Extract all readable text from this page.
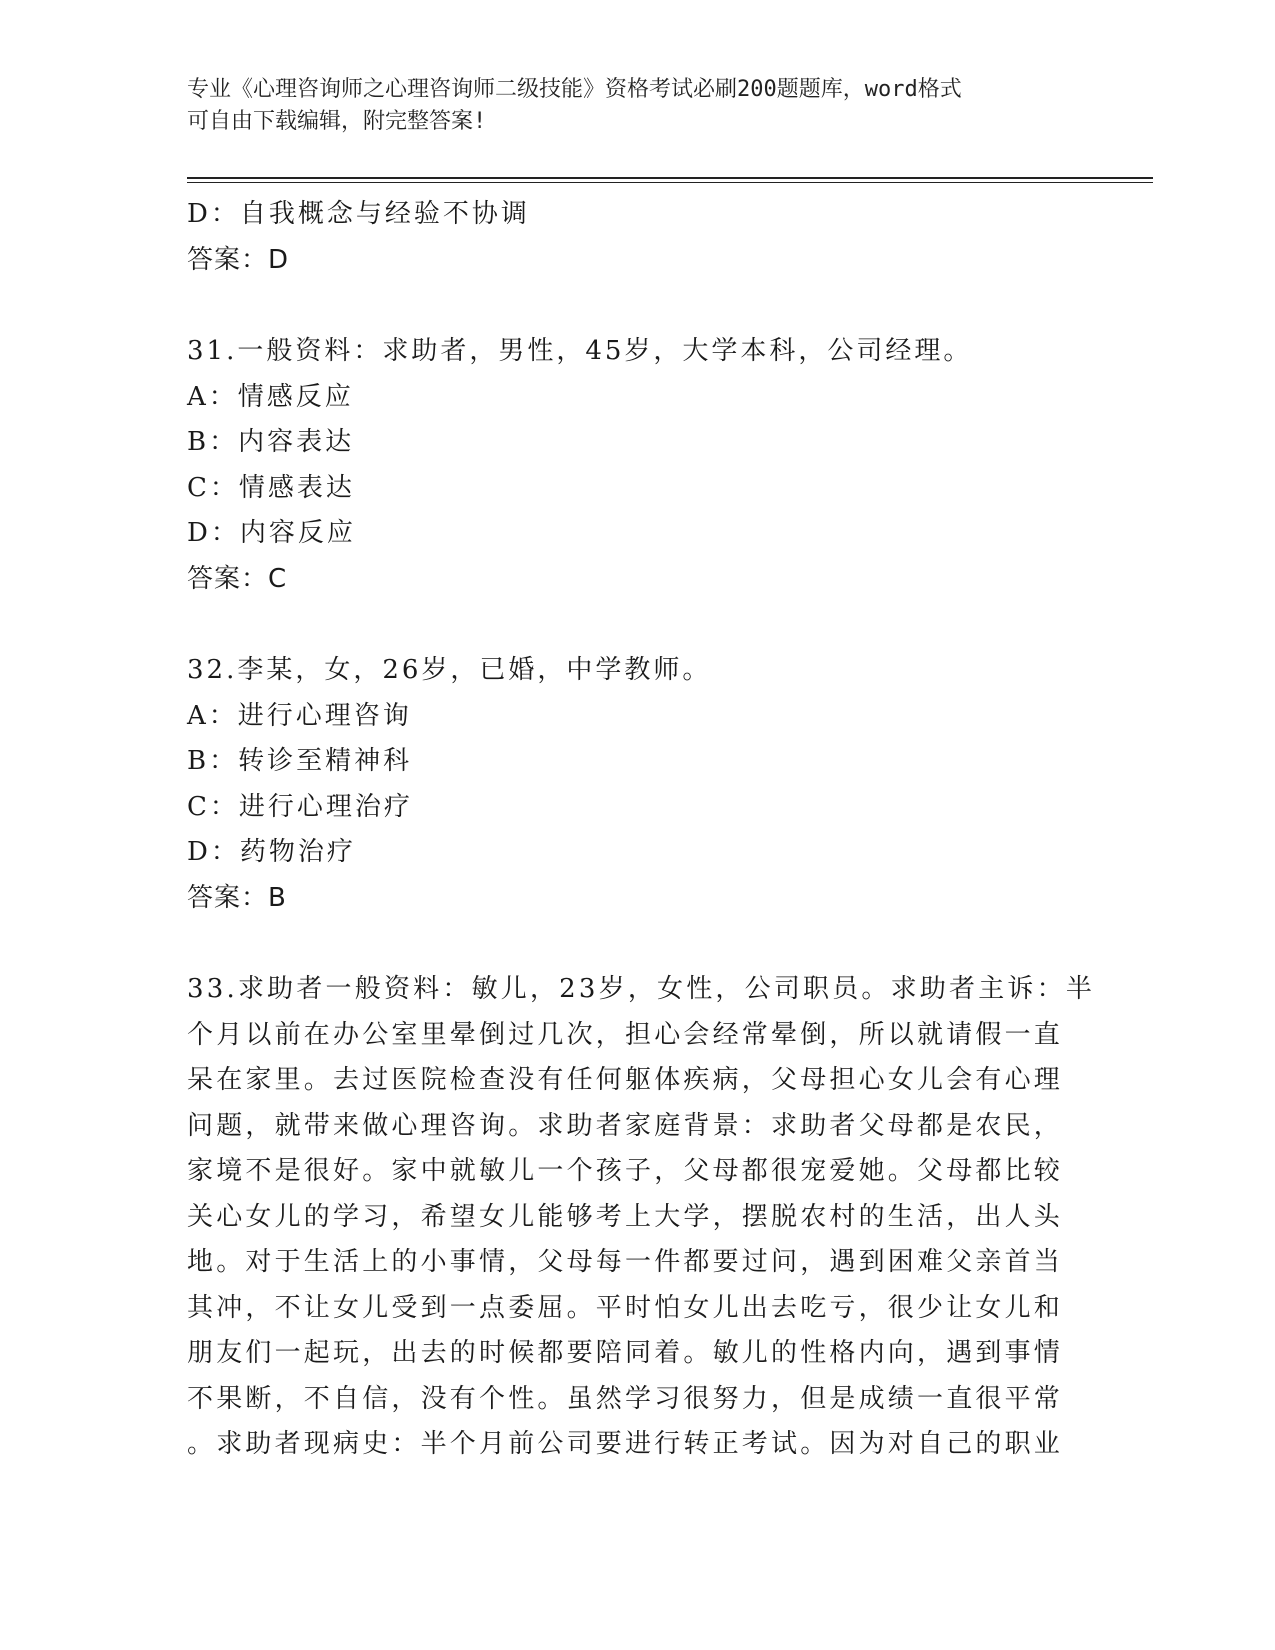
专业《心理咨询师之心理咨询师二级技能》资格考试必刷200题题库，word格式
可自由下载编辑，附完整答案!
D：自我概念与经验不协调
答案：D
31.一般资料：求助者，男性，45岁，大学本科，公司经理。
A：情感反应
B：内容表达
C：情感表达
D：内容反应
答案：C
32.李某，女，26岁，已婚，中学教师。
A：进行心理咨询
B：转诊至精神科
C：进行心理治疗
D：药物治疗
答案：B
33.求助者一般资料：敏儿，23岁，女性，公司职员。求助者主诉：半
个月以前在办公室里晕倒过几次，担心会经常晕倒，所以就请假一直
呆在家里。去过医院检查没有任何躯体疾病，父母担心女儿会有心理
问题，就带来做心理咨询。求助者家庭背景：求助者父母都是农民，
家境不是很好。家中就敏儿一个孩子，父母都很宠爱她。父母都比较
关心女儿的学习，希望女儿能够考上大学，摆脱农村的生活，出人头
地。对于生活上的小事情，父母每一件都要过问，遇到困难父亲首当
其冲，不让女儿受到一点委屈。平时怕女儿出去吃亏，很少让女儿和
朋友们一起玩，出去的时候都要陪同着。敏儿的性格内向，遇到事情
不果断，不自信，没有个性。虽然学习很努力，但是成绩一直很平常
。求助者现病史：半个月前公司要进行转正考试。因为对自己的职业
